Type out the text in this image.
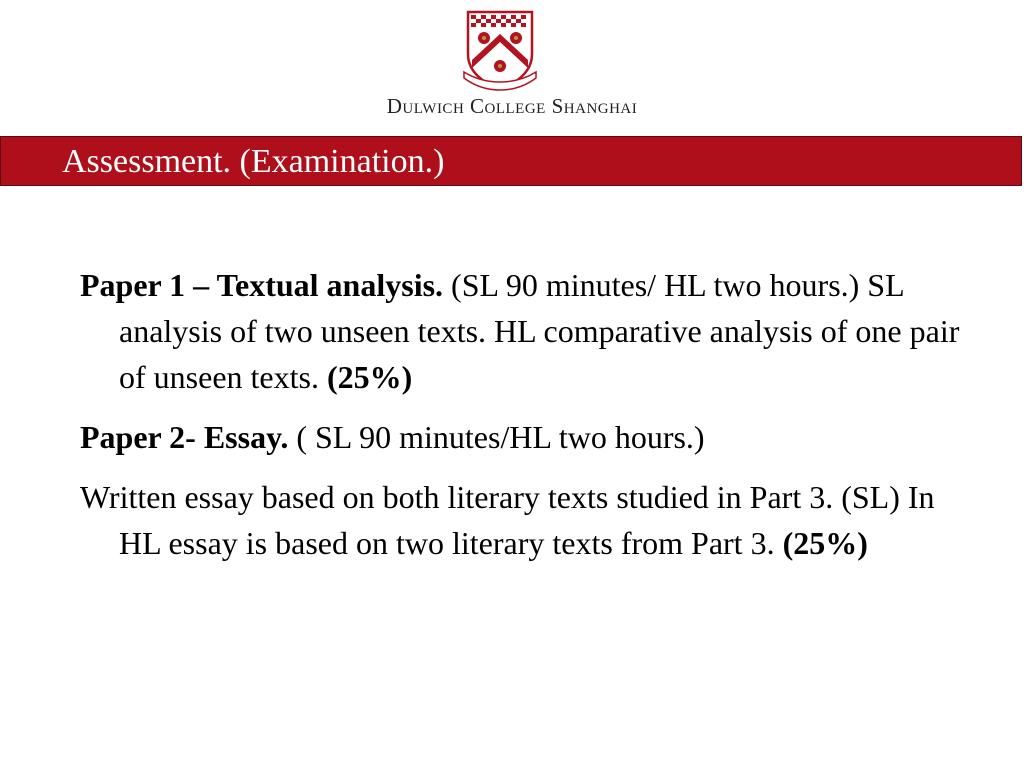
Dulwich College Shanghai
Assessment. (Examination.)

Paper 1 – Textual analysis. (SL 90 minutes/ HL two hours.) SL analysis of two unseen texts. HL comparative analysis of one pair of unseen texts. (25%)

Paper 2- Essay. ( SL 90 minutes/HL two hours.)

Written essay based on both literary texts studied in Part 3. (SL) In HL essay is based on two literary texts from Part 3. (25%)
